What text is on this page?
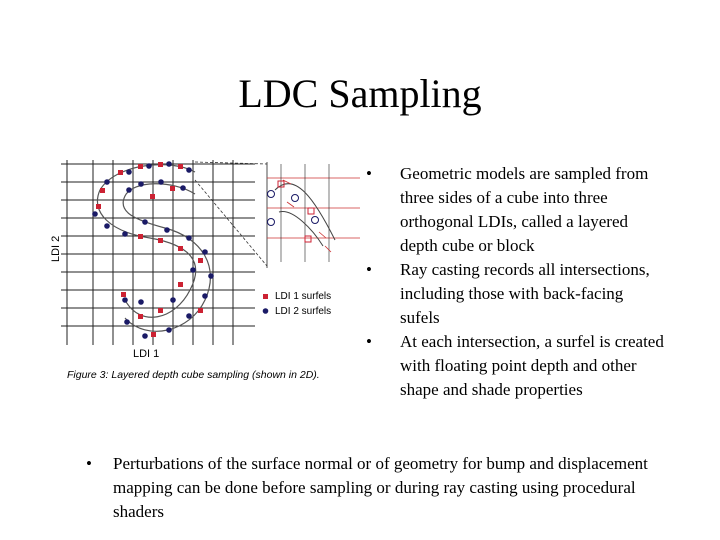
LDC Sampling
LDI 2
LDI 1
LDI 1 surfels
LDI 2 surfels
Figure 3: Layered depth cube sampling (shown in 2D).
• Geometric models are sampled from three sides of a cube into three orthogonal LDIs, called a layered depth cube or block
• Ray casting records all intersections, including those with back-facing sufels
• At each intersection, a surfel is created with floating point depth and other shape and shade properties
• Perturbations of the surface normal or of geometry for bump and displacement mapping can be done before sampling or during ray casting using procedural shaders
